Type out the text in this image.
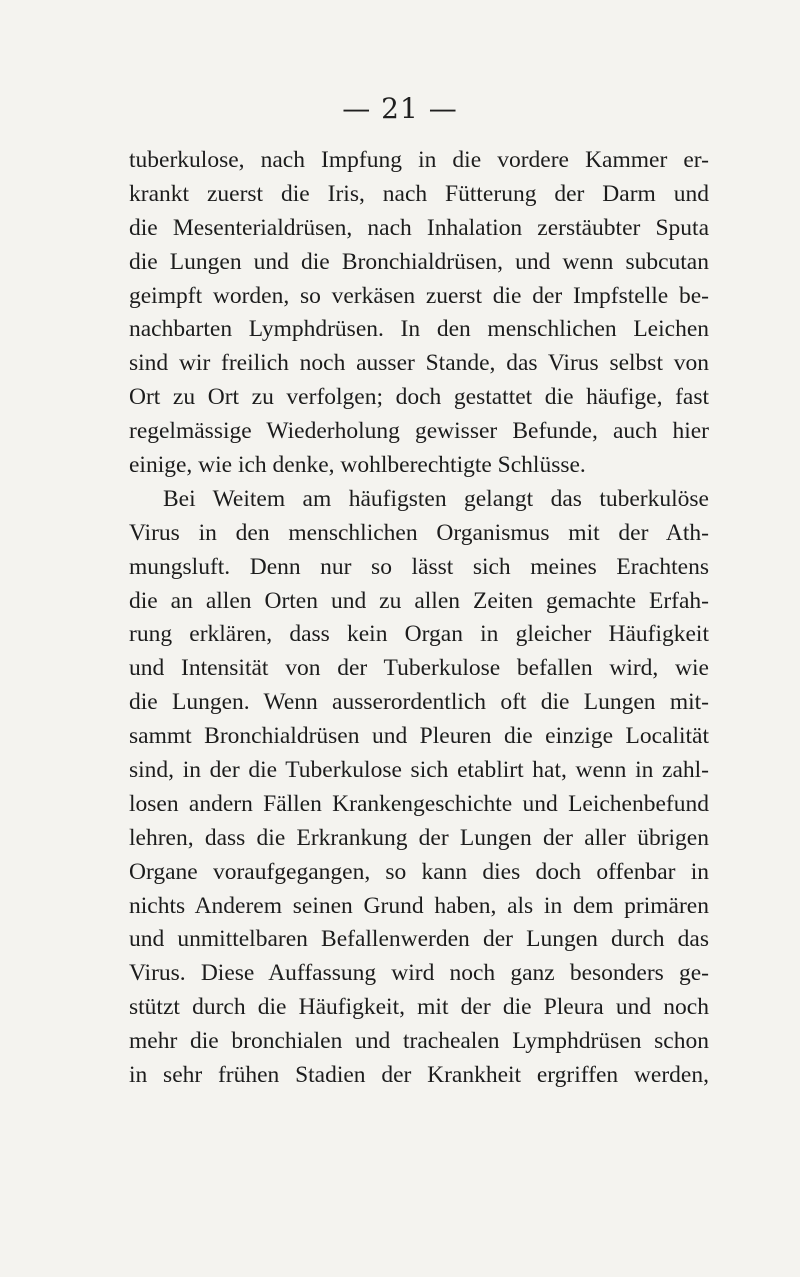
— 21 —
tuberkulose, nach Impfung in die vordere Kammer er-
krankt zuerst die Iris, nach Fütterung der Darm und
die Mesenterialdrüsen, nach Inhalation zerstäubter Sputa
die Lungen und die Bronchialdrüsen, und wenn subcutan
geimpft worden, so verkäsen zuerst die der Impfstelle be-
nachbarten Lymphdrüsen. In den menschlichen Leichen
sind wir freilich noch ausser Stande, das Virus selbst von
Ort zu Ort zu verfolgen; doch gestattet die häufige, fast
regelmässige Wiederholung gewisser Befunde, auch hier
einige, wie ich denke, wohlberechtigte Schlüsse.
Bei Weitem am häufigsten gelangt das tuberkulöse
Virus in den menschlichen Organismus mit der Ath-
mungsluft. Denn nur so lässt sich meines Erachtens
die an allen Orten und zu allen Zeiten gemachte Erfah-
rung erklären, dass kein Organ in gleicher Häufigkeit
und Intensität von der Tuberkulose befallen wird, wie
die Lungen. Wenn ausserordentlich oft die Lungen mit-
sammt Bronchialdrüsen und Pleuren die einzige Localität
sind, in der die Tuberkulose sich etablirt hat, wenn in zahl-
losen andern Fällen Krankengeschichte und Leichenbefund
lehren, dass die Erkrankung der Lungen der aller übrigen
Organe voraufgegangen, so kann dies doch offenbar in
nichts Anderem seinen Grund haben, als in dem primären
und unmittelbaren Befallenwerden der Lungen durch das
Virus. Diese Auffassung wird noch ganz besonders ge-
stützt durch die Häufigkeit, mit der die Pleura und noch
mehr die bronchialen und trachealen Lymphdrüsen schon
in sehr frühen Stadien der Krankheit ergriffen werden,
